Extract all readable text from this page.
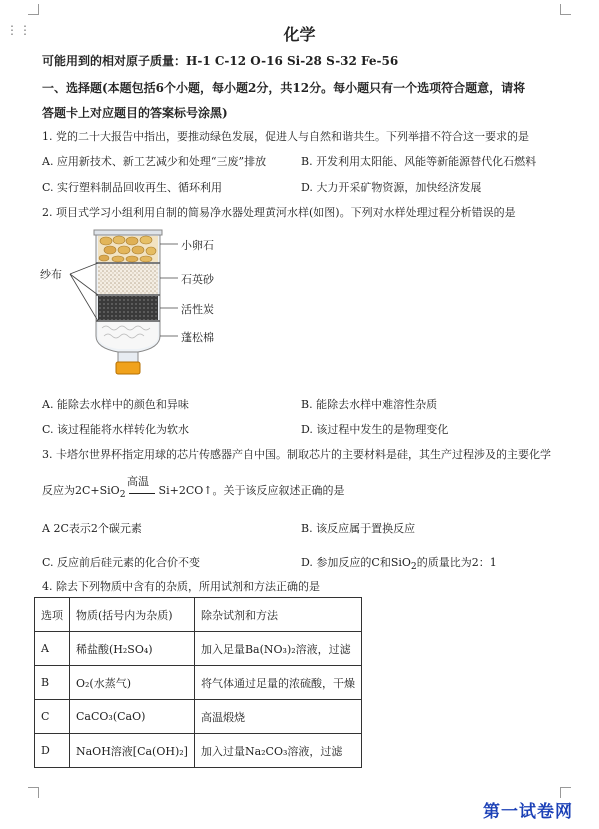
⋮⋮	化学
可能用到的相对原子质量：H-1 C-12 O-16 Si-28 S-32 Fe-56
一、选择题(本题包括6个小题，每小题2分，共12分。每小题只有一个选项符合题意，请将
答题卡上对应题目的答案标号涂黑)
1. 党的二十大报告中指出，要推动绿色发展，促进人与自然和谐共生。下列举措不符合这一要求的是
A. 应用新技术、新工艺减少和处理“三废”排放	B. 开发利用太阳能、风能等新能源替代化石燃料
C. 实行塑料制品回收再生、循环利用	D. 大力开采矿物资源，加快经济发展
2. 项目式学习小组利用自制的简易净水器处理黄河水样(如图)。下列对水样处理过程分析错误的是
小卵石
石英砂
活性炭
蓬松棉
纱布
A. 能除去水样中的颜色和异味	B. 能除去水样中难溶性杂质
C. 该过程能将水样转化为软水	D. 该过程中发生的是物理变化
3. 卡塔尔世界杯指定用球的芯片传感器产自中国。制取芯片的主要材料是硅，其生产过程涉及的主要化学
反应为2C+SiO$_2$
高温
Si+2CO↑。关于该反应叙述正确的是
A 2C表示2个碳元素	B. 该反应属于置换反应
C. 反应前后硅元素的化合价不变	D. 参加反应的C和SiO$_2$的质量比为2：1
4. 除去下列物质中含有的杂质，所用试剂和方法正确的是
选项	物质(括号内为杂质)	除杂试剂和方法
A	稀盐酸(H₂SO₄)	加入足量Ba(NO₃)₂溶液，过滤
B	O₂(水蒸气)	将气体通过足量的浓硫酸，干燥
C	CaCO₃(CaO)	高温煅烧
D	NaOH溶液[Ca(OH)₂]	加入过量Na₂CO₃溶液，过滤
第一试卷网
